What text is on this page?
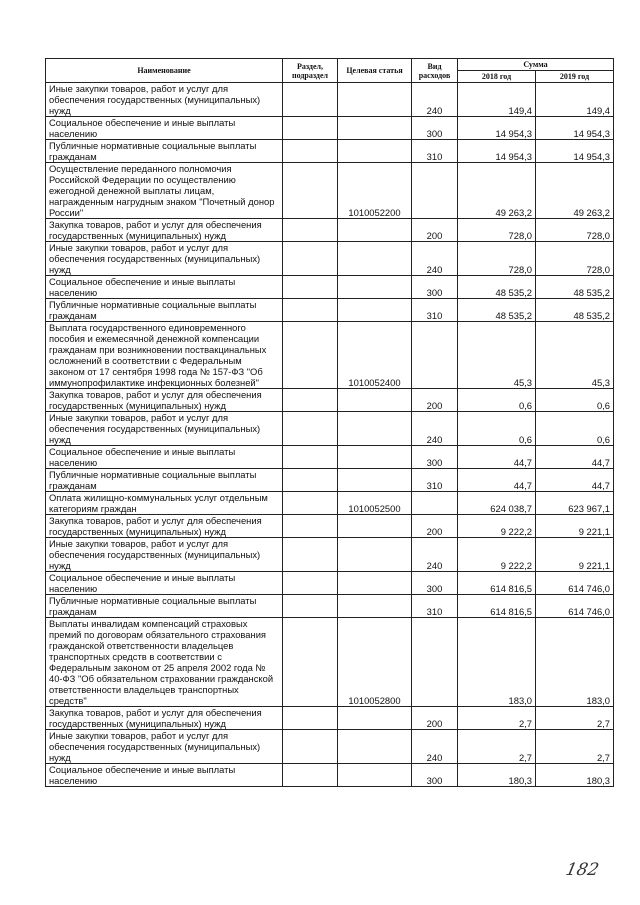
Наименование	Раздел, подраздел	Целевая статья	Вид расходов	Сумма	
				2018 год	2019 год
Иные закупки товаров, работ и услуг для обеспечения государственных (муниципальных) нужд			240	149,4	149,4
Социальное обеспечение и иные выплаты населению			300	14 954,3	14 954,3
Публичные нормативные социальные выплаты гражданам			310	14 954,3	14 954,3
Осуществление переданного полномочия Российской Федерации по осуществлению ежегодной денежной выплаты лицам, награжденным нагрудным знаком "Почетный донор России"		1010052200		49 263,2	49 263,2
Закупка товаров, работ и услуг для обеспечения государственных (муниципальных) нужд			200	728,0	728,0
Иные закупки товаров, работ и услуг для обеспечения государственных (муниципальных) нужд			240	728,0	728,0
Социальное обеспечение и иные выплаты населению			300	48 535,2	48 535,2
Публичные нормативные социальные выплаты гражданам			310	48 535,2	48 535,2
Выплата государственного единовременного пособия и ежемесячной денежной компенсации гражданам при возникновении поствакцинальных осложнений в соответствии с Федеральным законом от 17 сентября 1998 года № 157-ФЗ "Об иммунопрофилактике инфекционных болезней"		1010052400		45,3	45,3
Закупка товаров, работ и услуг для обеспечения государственных (муниципальных) нужд			200	0,6	0,6
Иные закупки товаров, работ и услуг для обеспечения государственных (муниципальных) нужд			240	0,6	0,6
Социальное обеспечение и иные выплаты населению			300	44,7	44,7
Публичные нормативные социальные выплаты гражданам			310	44,7	44,7
Оплата жилищно-коммунальных услуг отдельным категориям граждан		1010052500		624 038,7	623 967,1
Закупка товаров, работ и услуг для обеспечения государственных (муниципальных) нужд			200	9 222,2	9 221,1
Иные закупки товаров, работ и услуг для обеспечения государственных (муниципальных) нужд			240	9 222,2	9 221,1
Социальное обеспечение и иные выплаты населению			300	614 816,5	614 746,0
Публичные нормативные социальные выплаты гражданам			310	614 816,5	614 746,0
Выплаты инвалидам компенсаций страховых премий по договорам обязательного страхования гражданской ответственности владельцев транспортных средств в соответствии с Федеральным законом от 25 апреля 2002 года № 40-ФЗ "Об обязательном страховании гражданской ответственности владельцев транспортных средств"		1010052800		183,0	183,0
Закупка товаров, работ и услуг для обеспечения государственных (муниципальных) нужд			200	2,7	2,7
Иные закупки товаров, работ и услуг для обеспечения государственных (муниципальных) нужд			240	2,7	2,7
Социальное обеспечение и иные выплаты населению			300	180,3	180,3
182
